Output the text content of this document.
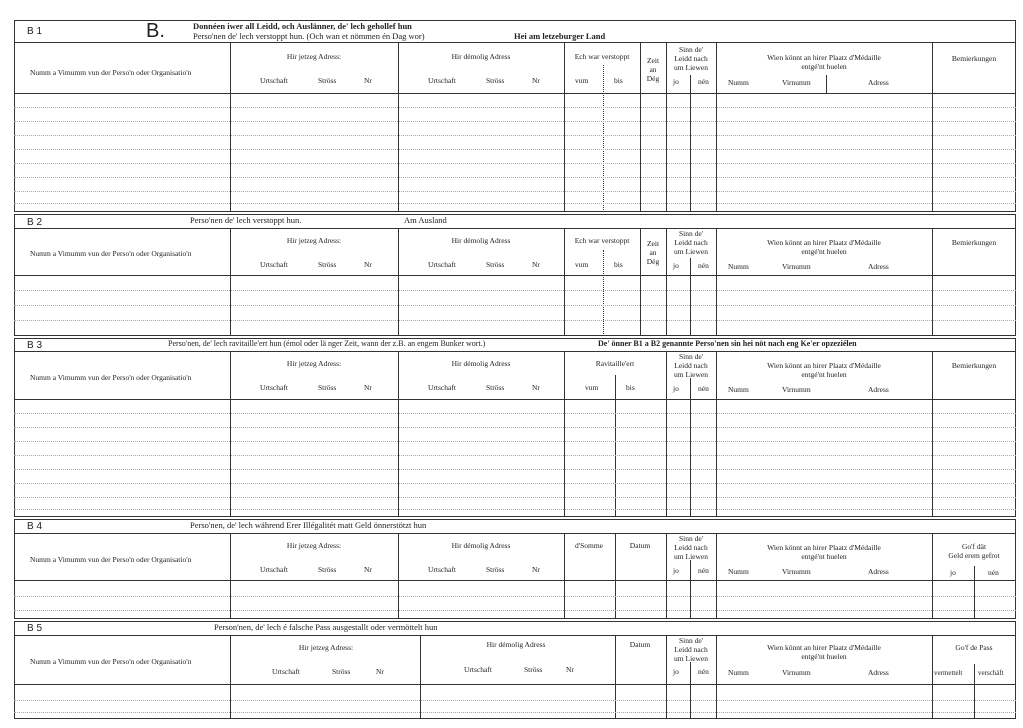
B 1	B.	Donnéen iwer all Leidd, och Auslänner, de' lech gehollef hun
Perso'nen de' lech verstoppt hun. (Och wan et nömmen én Dag wor)	Hei am letzeburger Land
Numm a Vimumm vun der Perso'n oder Organisatio'n
Hir jetzeg Adress:
Urtschaft	Ströss	Nr
Hir démolig Adress
Urtschaft	Ströss	Nr
Ech war verstoppt
vum	bis
Zeit
an
Dég
Sinn de'
Leidd nach
um Liewen
jo	nén
Wien könnt an hirer Plaatz d'Médaille
entgé'nt huelen
Numm	Virnumm	Adress
Bemierkungen
B 2	Perso'nen de' lech verstoppt hun.	Am Ausland
Numm a Vimumm vun der Perso'n oder Organisatio'n
Hir jetzeg Adress:
Urtschaft	Ströss	Nr
Hir démolig Adress
Urtschaft	Ströss	Nr
Ech war verstoppt
vum	bis
Zeit
an
Dég
Sinn de'
Leidd nach
um Liewen
jo	nén
Wien könnt an hirer Plaatz d'Médaille
entgé'nt huelen
Numm	Virnumm	Adress
Bemierkungen
B 3	Perso'nen, de' lech ravitaille'ert hun (émol oder lä nger Zeit, wann der z.B. an engem Bunker wort.)	De' önner B1 a B2 genannte Perso'nen sin hei nöt nach eng Ke'er opzeziélen
Numm a Vimumm vun der Perso'n oder Organisatio'n
Hir jetzeg Adress:
Urtschaft	Ströss	Nr
Hir démolig Adress
Urtschaft	Ströss	Nr
Ravitaille'ert
vum	bis
Sinn de'
Leidd nach
um Liewen
jo	nén
Wien könnt an hirer Plaatz d'Médaille
entgé'nt huelen
Numm	Virnumm	Adress
Bemierkungen
B 4	Perso'nen, de' lech während Erer Illégalitét matt Geld önnerstötzt hun
Numm a Vimumm vun der Perso'n oder Organisatio'n
Hir jetzeg Adress:
Urtschaft	Ströss	Nr
Hir démolig Adress
Urtschaft	Ströss	Nr
d'Somme	Datum
Sinn de'
Leidd nach
um Liewen
jo	nén
Wien könnt an hirer Plaatz d'Médaille
entgé'nt huelen
Numm	Virnumm	Adress
Go'f dät
Geld erem gefrot
jo	nén
B 5	Person'nen, de' lech é falsche Pass ausgestallt oder vermöttelt hun
Numm a Vimumm vun der Perso'n oder Organisatio'n
Hir jetzeg Adress:
Urtschaft	Ströss	Nr
Hir démolig Adress
Urtschaft	Ströss	Nr
Datum	Sinn de'
Leidd nach
um Liewen
jo	nén
Wien könnt an hirer Plaatz d'Médaille
entgé'nt huelen
Numm	Virnumm	Adress
Go'f de Pass
vermettelt verschäft
